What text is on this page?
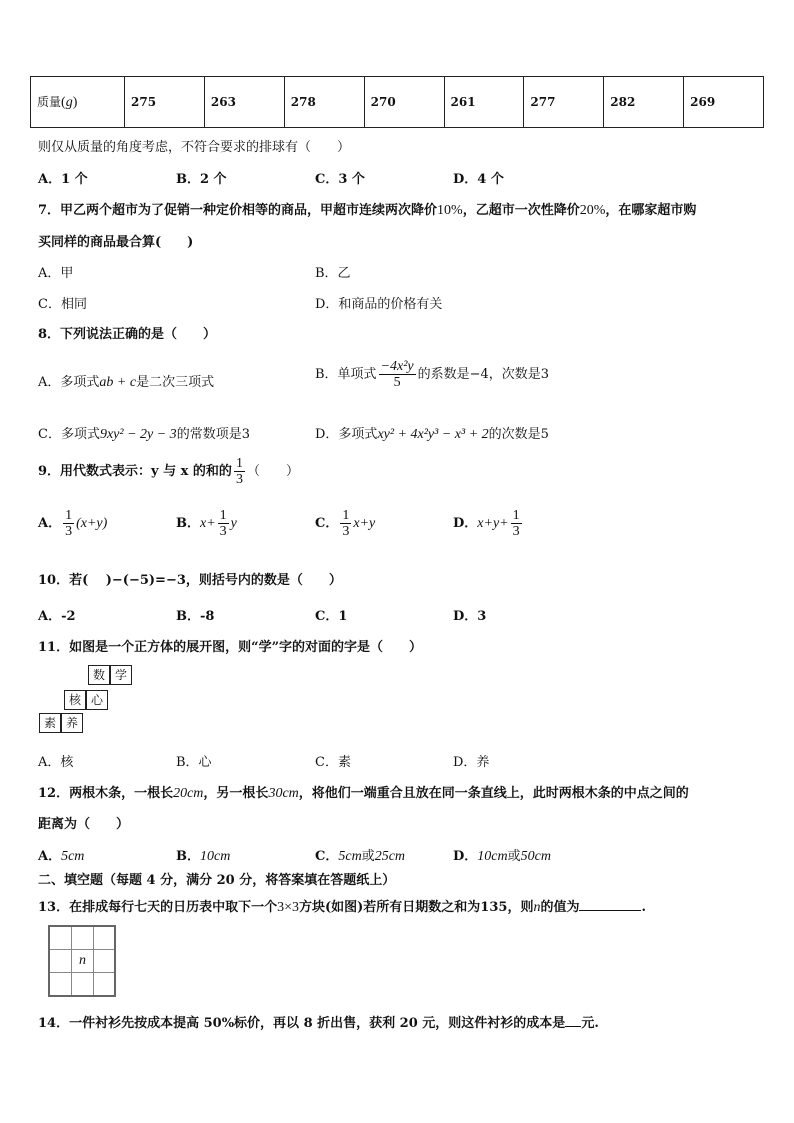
质量(g)	275	263	278	270	261	277	282	269
则仅从质量的角度考虑，不符合要求的排球有（　　）
A．1 个	B．2 个	C．3 个	D．4 个
7．甲乙两个超市为了促销一种定价相等的商品，甲超市连续两次降价10%，乙超市一次性降价20%，在哪家超市购
买同样的商品最合算(　　)
A．甲	B．乙
C．相同	D．和商品的价格有关
8．下列说法正确的是（　　）
A．多项式ab + c是二次三项式
B．单项式 $\frac{\text{−4x²y}}{5}$ 的系数是−4，次数是3
C．多项式9xy² − 2y − 3的常数项是3	D．多项式xy² + 4x²y³ − x³ + 2的次数是5
9．用代数式表示：y 与 x 的和的 $\frac{1}{3}$ （　　）
A． $\frac{1}{3} (x+y)$	B．$x+ \frac{1}{3}$ y	C． $\frac{1}{3} x+y$	D．$x+y+ \frac{1}{3}$
10．若(　 )−(−5)=−3，则括号内的数是（　　）
A．-2	B．-8	C．1	D．3
11．如图是一个正方体的展开图，则“学”字的对面的字是（　　）
数 学
核 心
素 养
A．核	B．心	C．素	D．养
12．两根木条，一根长20cm，另一根长30cm，将他们一端重合且放在同一条直线上，此时两根木条的中点之间的
距离为（　　）
A．5cm	B．10cm	C．5cm或25cm	D．10cm或50cm
二、填空题（每题 4 分，满分 20 分，将答案填在答题纸上）
13．在排成每行七天的日历表中取下一个3×3方块(如图)若所有日期数之和为135，则n的值为	.
n
14．一件衬衫先按成本提高 50%标价，再以 8 折出售，获利 20 元，则这件衬衫的成本是 元.
